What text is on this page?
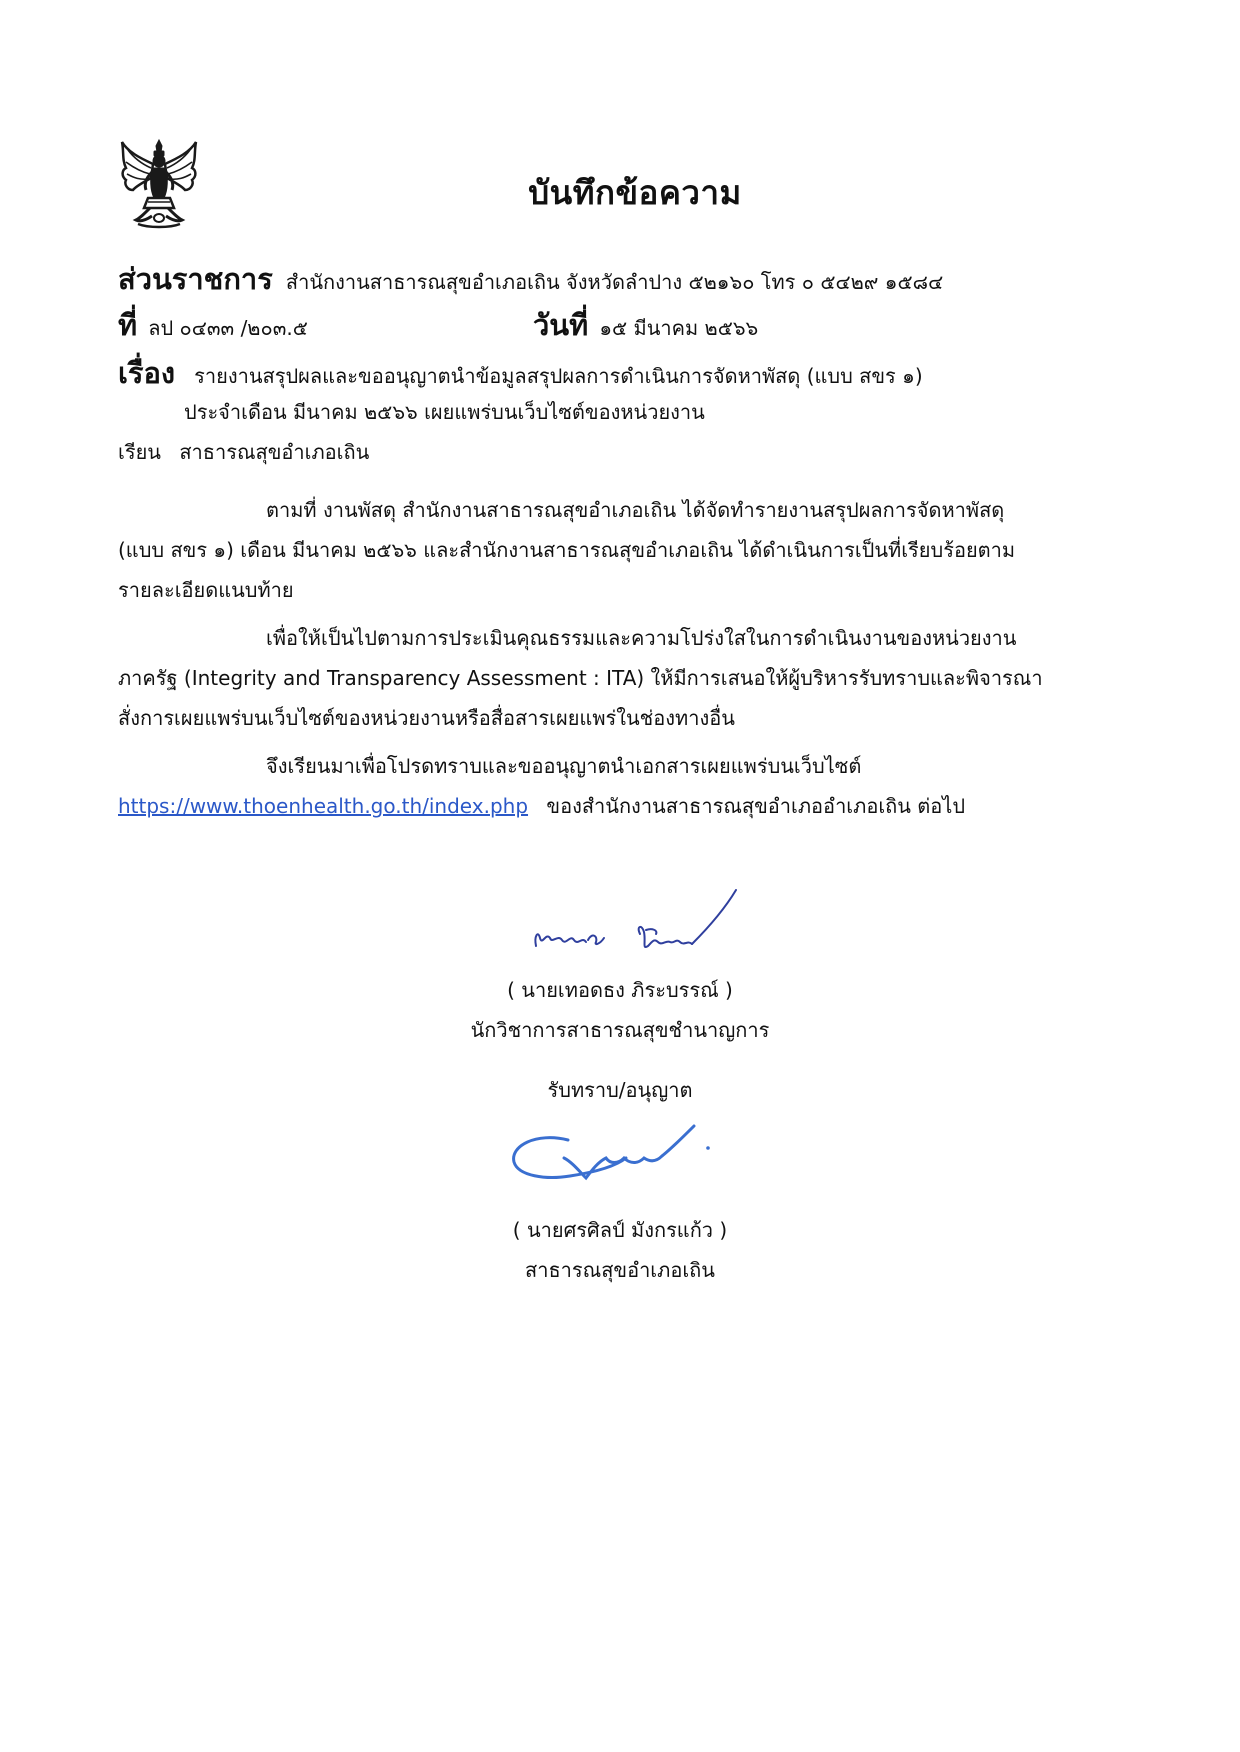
บันทึกข้อความ
ส่วนราชการ สำนักงานสาธารณสุขอำเภอเถิน จังหวัดลำปาง ๕๒๑๖๐ โทร ๐ ๕๔๒๙ ๑๕๘๔
ที่ ลป ๐๔๓๓ /๒๐๓.๕	วันที่ ๑๕ มีนาคม ๒๕๖๖
เรื่อง รายงานสรุปผลและขออนุญาตนำข้อมูลสรุปผลการดำเนินการจัดหาพัสดุ (แบบ สขร ๑)
ประจำเดือน มีนาคม ๒๕๖๖ เผยแพร่บนเว็บไซต์ของหน่วยงาน
เรียน สาธารณสุขอำเภอเถิน
ตามที่ งานพัสดุ สำนักงานสาธารณสุขอำเภอเถิน ได้จัดทำรายงานสรุปผลการจัดหาพัสดุ
(แบบ สขร ๑) เดือน มีนาคม ๒๕๖๖ และสำนักงานสาธารณสุขอำเภอเถิน ได้ดำเนินการเป็นที่เรียบร้อยตาม
รายละเอียดแนบท้าย
เพื่อให้เป็นไปตามการประเมินคุณธรรมและความโปร่งใสในการดำเนินงานของหน่วยงาน
ภาครัฐ (Integrity and Transparency Assessment : ITA) ให้มีการเสนอให้ผู้บริหารรับทราบและพิจารณา
สั่งการเผยแพร่บนเว็บไซต์ของหน่วยงานหรือสื่อสารเผยแพร่ในช่องทางอื่น
จึงเรียนมาเพื่อโปรดทราบและขออนุญาตนำเอกสารเผยแพร่บนเว็บไซต์
https://www.thoenhealth.go.th/index.php ของสำนักงานสาธารณสุขอำเภออำเภอเถิน ต่อไป
( นายเทอดธง ภิระบรรณ์ )
นักวิชาการสาธารณสุขชำนาญการ
รับทราบ/อนุญาต
( นายศรศิลป์ มังกรแก้ว )
สาธารณสุขอำเภอเถิน
